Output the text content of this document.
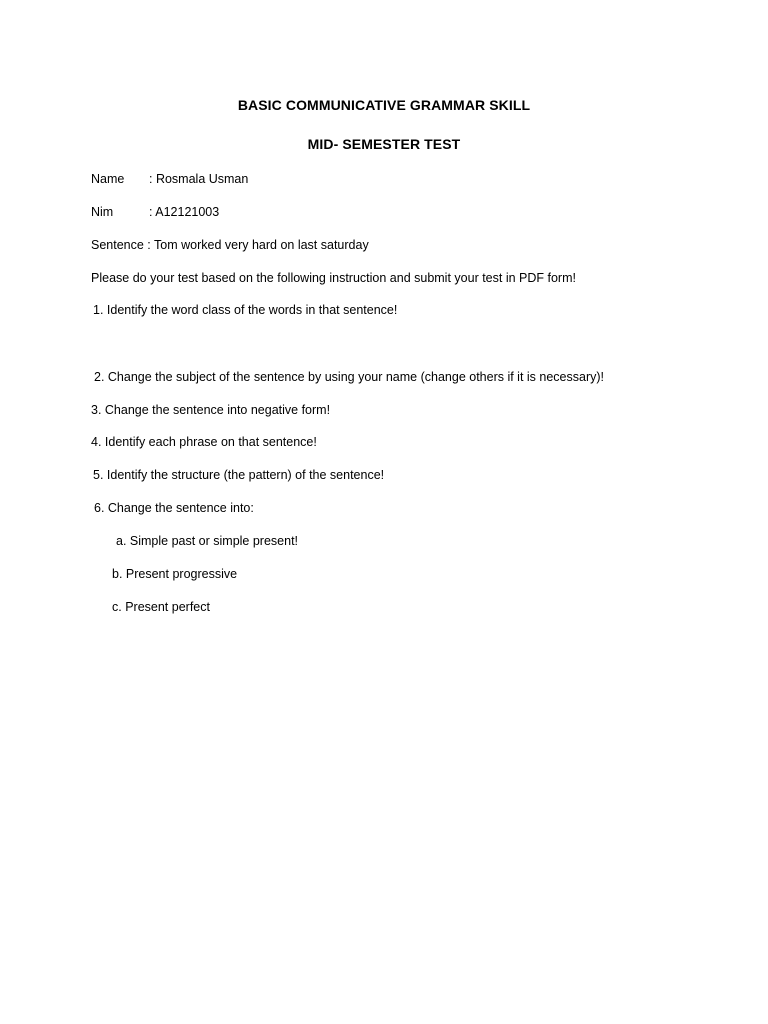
BASIC COMMUNICATIVE GRAMMAR SKILL
MID- SEMESTER TEST
Name : Rosmala Usman
Nim	: A12121003
Sentence : Tom worked very hard on last saturday
Please do your test based on the following instruction and submit your test in PDF form!
1. Identify the word class of the words in that sentence!
2. Change the subject of the sentence by using your name (change others if it is necessary)!
3. Change the sentence into negative form!
4. Identify each phrase on that sentence!
5. Identify the structure (the pattern) of the sentence!
6. Change the sentence into:
a. Simple past or simple present!
b. Present progressive
c. Present perfect
